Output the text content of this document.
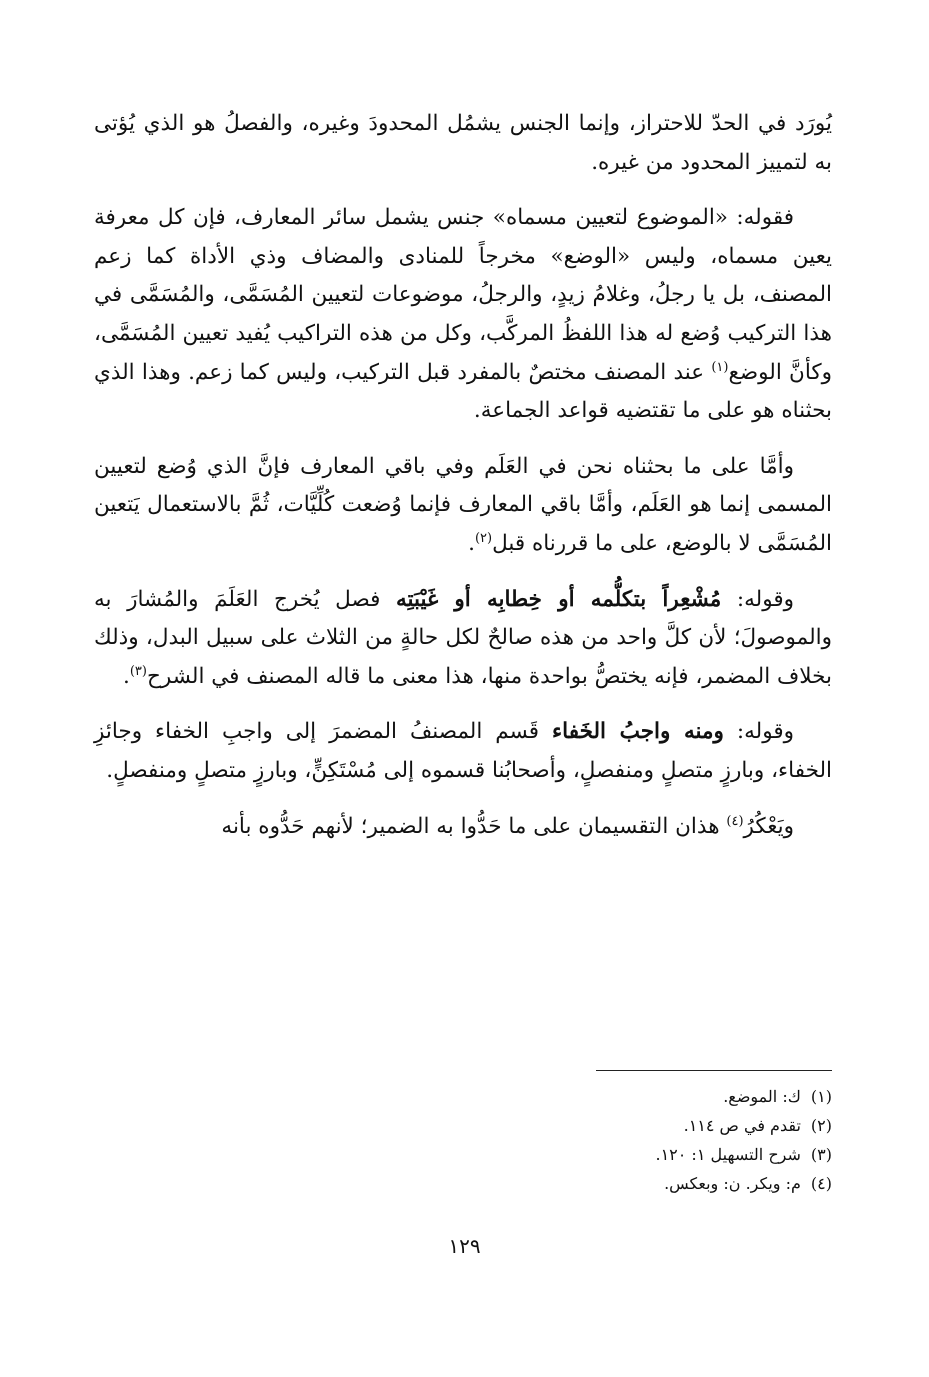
يُورَد في الحدّ للاحتراز، وإنما الجنس يشمُل المحدودَ وغيره، والفصلُ هو الذي يُؤتى به لتمييز المحدود من غيره.

فقوله: «الموضوع لتعيين مسماه» جنس يشمل سائر المعارف، فإن كل معرفة يعين مسماه، وليس «الوضع» مخرجاً للمنادى والمضاف وذي الأداة كما زعم المصنف، بل يا رجلُ، وغلامُ زيدٍ، والرجلُ، موضوعات لتعيين المُسَمَّى، والمُسَمَّى في هذا التركيب وُضع له هذا اللفظُ المركَّب، وكل من هذه التراكيب يُفيد تعيين المُسَمَّى، وكأنَّ الوضع$^{(١)}$ عند المصنف مختصٌ بالمفرد قبل التركيب، وليس كما زعم. وهذا الذي بحثناه هو على ما تقتضيه قواعد الجماعة.

وأمَّا على ما بحثناه نحن في العَلَم وفي باقي المعارف فإنَّ الذي وُضع لتعيين المسمى إنما هو العَلَم، وأمَّا باقي المعارف فإنما وُضعت كُلِّيَّات، ثُمَّ بالاستعمال يَتعين المُسَمَّى لا بالوضع، على ما قررناه قبل$^{(٢)}$.

وقوله: مُشْعِراً بتكلُّمه أو خِطابِه أو غَيْبَتِه فصل يُخرج العَلَمَ والمُشارَ به والموصولَ؛ لأن كلَّ واحد من هذه صالحٌ لكل حالةٍ من الثلاث على سبيل البدل، وذلك بخلاف المضمر، فإنه يختصُّ بواحدة منها، هذا معنى ما قاله المصنف في الشرح$^{(٣)}$.

وقوله: ومنه واجبُ الخَفاء قَسم المصنفُ المضمرَ إلى واجبِ الخفاء وجائزِ الخفاء، وبارزٍ متصلٍ ومنفصلٍ، وأصحابُنا قسموه إلى مُسْتَكِنٍّ، وبارزٍ متصلٍ ومنفصلٍ.

ويَعْكُرُ$^{(٤)}$ هذان التقسيمان على ما حَدُّوا به الضمير؛ لأنهم حَدُّوه بأنه

(١)ك: الموضع.
(٢)تقدم في ص ١١٤.
(٣)شرح التسهيل ١: ١٢٠.
(٤)م: ويكر. ن: وبعكس.
١٢٩
